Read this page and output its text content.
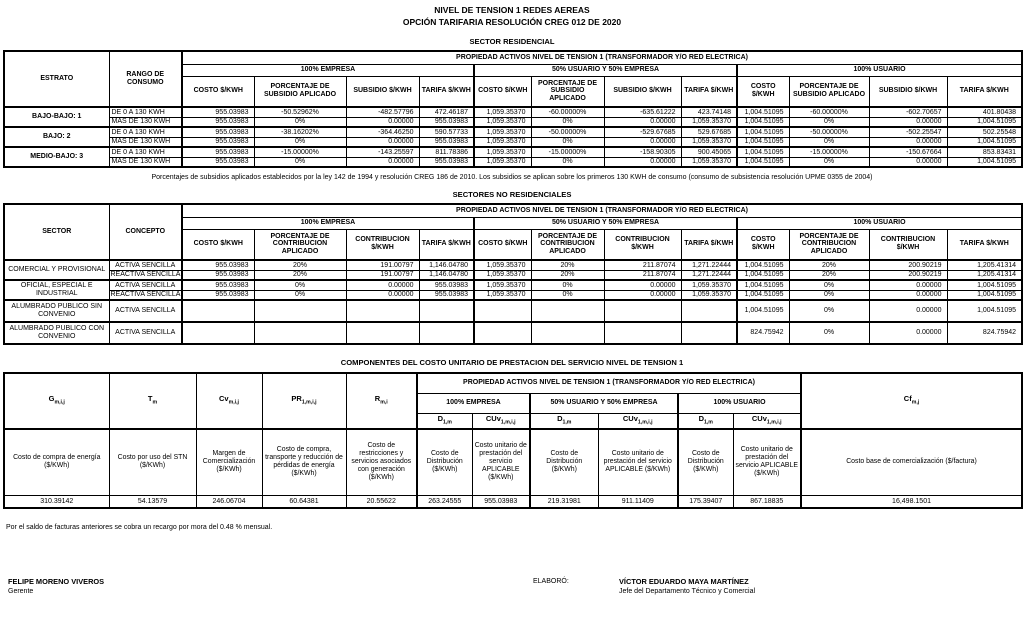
NIVEL DE TENSION 1 REDES AEREAS
OPCIÓN TARIFARIA RESOLUCIÓN CREG 012 DE 2020
SECTOR RESIDENCIAL
ESTRATO	RANGO DE CONSUMO	PROPIEDAD ACTIVOS NIVEL DE TENSION 1 (TRANSFORMADOR Y/O RED ELECTRICA)											
		100% EMPRESA				50% USUARIO Y 50% EMPRESA				100% USUARIO			
		COSTO $/KWH	PORCENTAJE DE SUBSIDIO APLICADO	SUBSIDIO $/KWH	TARIFA $/KWH	COSTO $/KWH	PORCENTAJE DE SUBSIDIO APLICADO	SUBSIDIO $/KWH	TARIFA $/KWH	COSTO $/KWH	PORCENTAJE DE SUBSIDIO APLICADO	SUBSIDIO $/KWH	TARIFA $/KWH
BAJO-BAJO: 1	DE 0 A 130 KWH	955.03983	-50.52962%	-482.57796	472.46187	1,059.35370	-60.00000%	-635.61222	423.74148	1,004.51095	-60.00000%	-602.70657	401.80438
	MAS DE 130 KWH	955.03983	0%	0.00000	955.03983	1,059.35370	0%	0.00000	1,059.35370	1,004.51095	0%	0.00000	1,004.51095
BAJO: 2	DE 0 A 130 KWH	955.03983	-38.16202%	-364.46250	590.57733	1,059.35370	-50.00000%	-529.67685	529.67685	1,004.51095	-50.00000%	-502.25547	502.25548
	MAS DE 130 KWH	955.03983	0%	0.00000	955.03983	1,059.35370	0%	0.00000	1,059.35370	1,004.51095	0%	0.00000	1,004.51095
MEDIO-BAJO: 3	DE 0 A 130 KWH	955.03983	-15.00000%	-143.25597	811.78386	1,059.35370	-15.00000%	-158.90305	900.45065	1,004.51095	-15.00000%	-150.67664	853.83431
	MAS DE 130 KWH	955.03983	0%	0.00000	955.03983	1,059.35370	0%	0.00000	1,059.35370	1,004.51095	0%	0.00000	1,004.51095
Porcentajes de subsidios aplicados establecidos por la ley 142 de 1994 y resolución CREG 186 de 2010. Los subsidios se aplican sobre los primeros 130 KWH de consumo (consumo de subsistencia resolución UPME 0355 de 2004)
SECTORES NO RESIDENCIALES
SECTOR	CONCEPTO	PROPIEDAD ACTIVOS NIVEL DE TENSION 1 (TRANSFORMADOR Y/O RED ELECTRICA)											
		100% EMPRESA				50% USUARIO Y 50% EMPRESA				100% USUARIO			
		COSTO $/KWH	PORCENTAJE DE CONTRIBUCION APLICADO	CONTRIBUCION $/KWH	TARIFA $/KWH	COSTO $/KWH	PORCENTAJE DE CONTRIBUCION APLICADO	CONTRIBUCION $/KWH	TARIFA $/KWH	COSTO $/KWH	PORCENTAJE DE CONTRIBUCION APLICADO	CONTRIBUCION $/KWH	TARIFA $/KWH
COMERCIAL Y PROVISIONAL	ACTIVA SENCILLA	955.03983	20%	191.00797	1,146.04780	1,059.35370	20%	211.87074	1,271.22444	1,004.51095	20%	200.90219	1,205.41314
	REACTIVA SENCILLA	955.03983	20%	191.00797	1,146.04780	1,059.35370	20%	211.87074	1,271.22444	1,004.51095	20%	200.90219	1,205.41314
OFICIAL, ESPECIAL E INDUSTRIAL	ACTIVA SENCILLA	955.03983	0%	0.00000	955.03983	1,059.35370	0%	0.00000	1,059.35370	1,004.51095	0%	0.00000	1,004.51095
	REACTIVA SENCILLA	955.03983	0%	0.00000	955.03983	1,059.35370	0%	0.00000	1,059.35370	1,004.51095	0%	0.00000	1,004.51095
ALUMBRADO PUBLICO SIN CONVENIO	ACTIVA SENCILLA									1,004.51095	0%	0.00000	1,004.51095
ALUMBRADO PUBLICO CON CONVENIO	ACTIVA SENCILLA									824.75942	0%	0.00000	824.75942
COMPONENTES DEL COSTO UNITARIO DE PRESTACION DEL SERVICIO NIVEL DE TENSION 1
$G_{m,i,j}$	$T_m$	$Cv_{m,i,j}$	$PR_{1,m,i,j}$	$R_{m,i}$	PROPIEDAD ACTIVOS NIVEL DE TENSION 1 (TRANSFORMADOR Y/O RED ELECTRICA)						$Cf_{m,j}$
					100% EMPRESA		50% USUARIO Y 50% EMPRESA		100% USUARIO		
					$D_{1,m}$	CUv$_{1,m,i,j}$	$D_{1,m}$	CUv$_{1,m,i,j}$	$D_{1,m}$	CUv$_{1,m,i,j}$
Costo de compra de energía ($/KWh)	Costo por uso del STN ($/KWh)	Margen de Comercialización ($/KWh)	Costo de compra, transporte y reducción de pérdidas de energía ($/KWh)	Costo de restricciones y servicios asociados con generación ($/KWh)	Costo de Distribución ($/KWh)	Costo unitario de prestación del servicio APLICABLE ($/KWh)	Costo de Distribución ($/KWh)	Costo unitario de prestación del servicio APLICABLE ($/KWh)	Costo de Distribución ($/KWh)	Costo unitario de prestación del servicio APLICABLE ($/KWh)	Costo base de comercialización ($/factura)
310.39142	54.13579	246.06704	60.64381	20.55622	263.24555	955.03983	219.31981	911.11409	175.39407	867.18835	16,498.1501
Por el saldo de facturas anteriores se cobra un recargo por mora del 0.48 % mensual.
FELIPE MORENO VIVEROS
Gerente
ELABORÓ:	VÍCTOR EDUARDO MAYA MARTÍNEZ
Jefe del Departamento Técnico y Comercial
